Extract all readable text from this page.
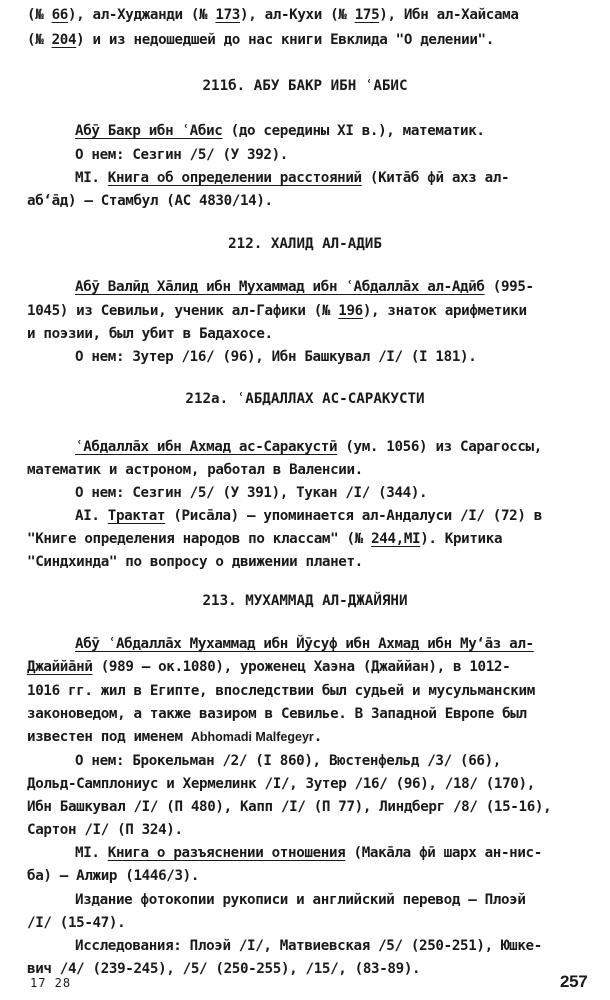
(№ 66), ал-Худжанди (№ 173), ал-Кухи (№ 175), Ибн ал-Хайсама
(№ 204) и из недошедшей до нас книги Евклида "О делении".
211б. АБУ БАКР ИБН ʿАБИС
Абӯ Бакр ибн ʿА̄бис (до середины XI в.), математик.
О нем: Сезгин /5/ (У 392).
МI. Книга об определении расстояний (Кита̄б фӣ ахз ал-
аб‘а̄д) – Стамбул (АС 4830/14).
212. ХАЛИД АЛ-АДИБ
Абӯ Валӣд Ха̄лид ибн Мухаммад ибн ʿАбдалла̄х ал-Адӣб (995-
1045) из Севильи, ученик ал-Гафики (№ 196), знаток арифметики
и поэзии, был убит в Бадахосе.
О нем: Зутер /16/ (96), Ибн Башкувал /I/ (I 181).
212а. ʿАБДАЛЛАХ АС-САРАКУСТИ
ʿАбдалла̄х ибн Ахмад ас-Саракустӣ (ум. 1056) из Сарагоссы,
математик и астроном, работал в Валенсии.
О нем: Сезгин /5/ (У 391), Тукан /I/ (344).
АI. Трактат (Риса̄ла) – упоминается ал-Андалуси /I/ (72) в
"Книге определения народов по классам" (№ 244,МI). Критика
"Синдхинда" по вопросу о движении планет.
213. МУХАММАД АЛ-ДЖАЙЯНИ
Абӯ ʿАбдалла̄х Мухаммад ибн Йӯсуф ибн Ахмад ибн Му‘а̄з ал-
Джаййа̄нӣ (989 – ок.1080), уроженец Хаэна (Джаййан), в 1012-
1016 гг. жил в Египте, впоследствии был судьей и мусульманским
законоведом, а также вазиром в Севилье. В Западной Европе был
известен под именем Abhomadi Malfegeyr.
О нем: Брокельман /2/ (I 860), Вюстенфельд /3/ (66),
Дольд-Самплониус и Хермелинк /I/, Зутер /16/ (96), /18/ (170),
Ибн Башкувал /I/ (П 480), Капп /I/ (П 77), Линдберг /8/ (15-16),
Сартон /I/ (П 324).
МI. Книга о разъяснении отношения (Мака̄ла фӣ шарх ан-нис-
ба) – Алжир (1446/3).
Издание фотокопии рукописи и английский перевод – Плоэй
/I/ (15-47).
Исследования: Плоэй /I/, Матвиевская /5/ (250-251), Юшке-
вич /4/ (239-245), /5/ (250-255), /15/, (83-89).
17 28	257
